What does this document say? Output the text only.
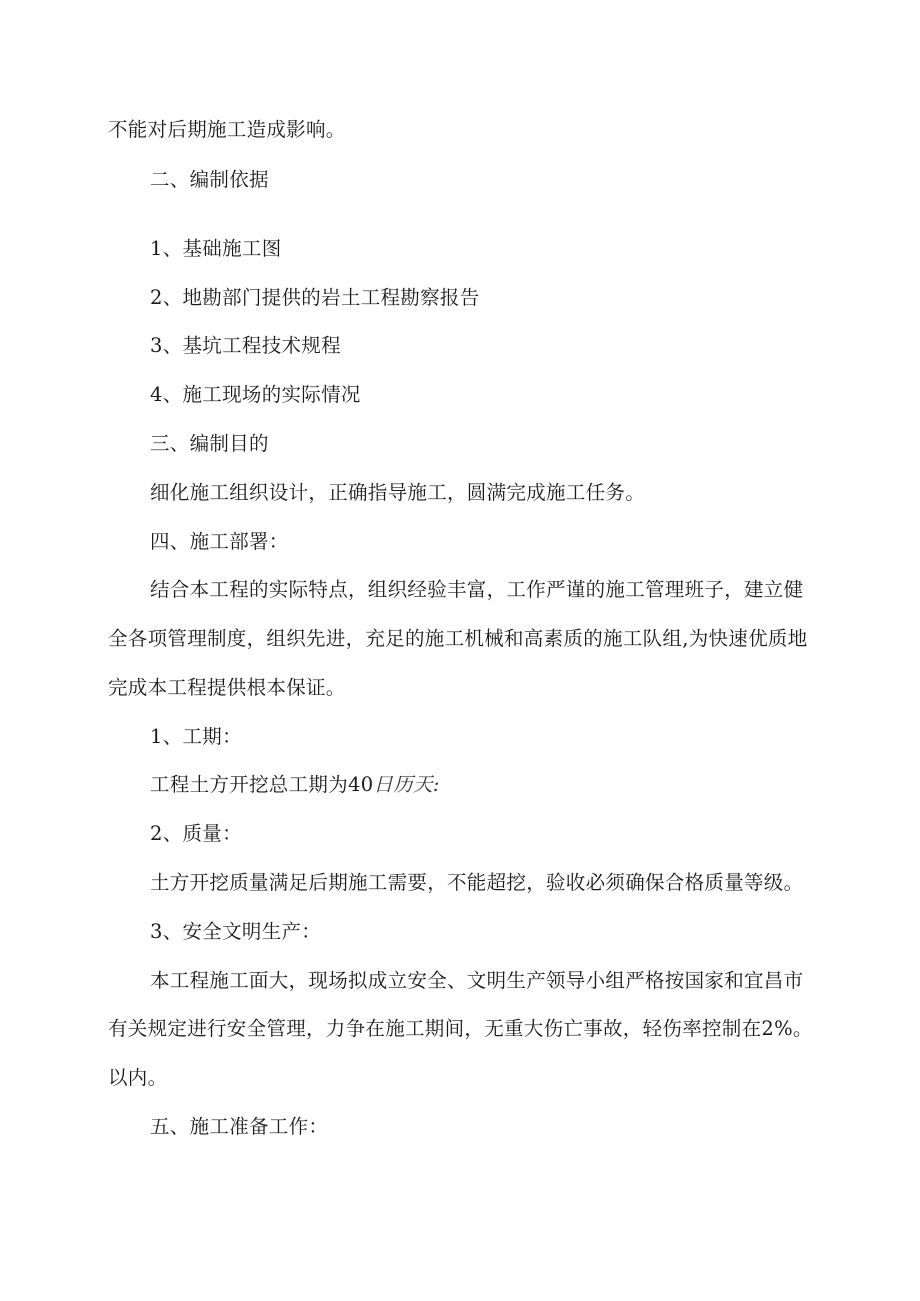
不能对后期施工造成影响。
二、编制依据
1、基础施工图
2、地勘部门提供的岩土工程勘察报告
3、基坑工程技术规程
4、施工现场的实际情况
三、编制目的
细化施工组织设计，正确指导施工，圆满完成施工任务。
四、施工部署：
结合本工程的实际特点，组织经验丰富，工作严谨的施工管理班子，建立健
全各项管理制度，组织先进，充足的施工机械和高素质的施工队组,为快速优质地
完成本工程提供根本保证。
1、工期：
工程土方开挖总工期为40日历天:
2、质量：
土方开挖质量满足后期施工需要，不能超挖，验收必须确保合格质量等级。
3、安全文明生产：
本工程施工面大，现场拟成立安全、文明生产领导小组严格按国家和宜昌市
有关规定进行安全管理，力争在施工期间，无重大伤亡事故，轻伤率控制在2%。
以内。
五、施工准备工作：
